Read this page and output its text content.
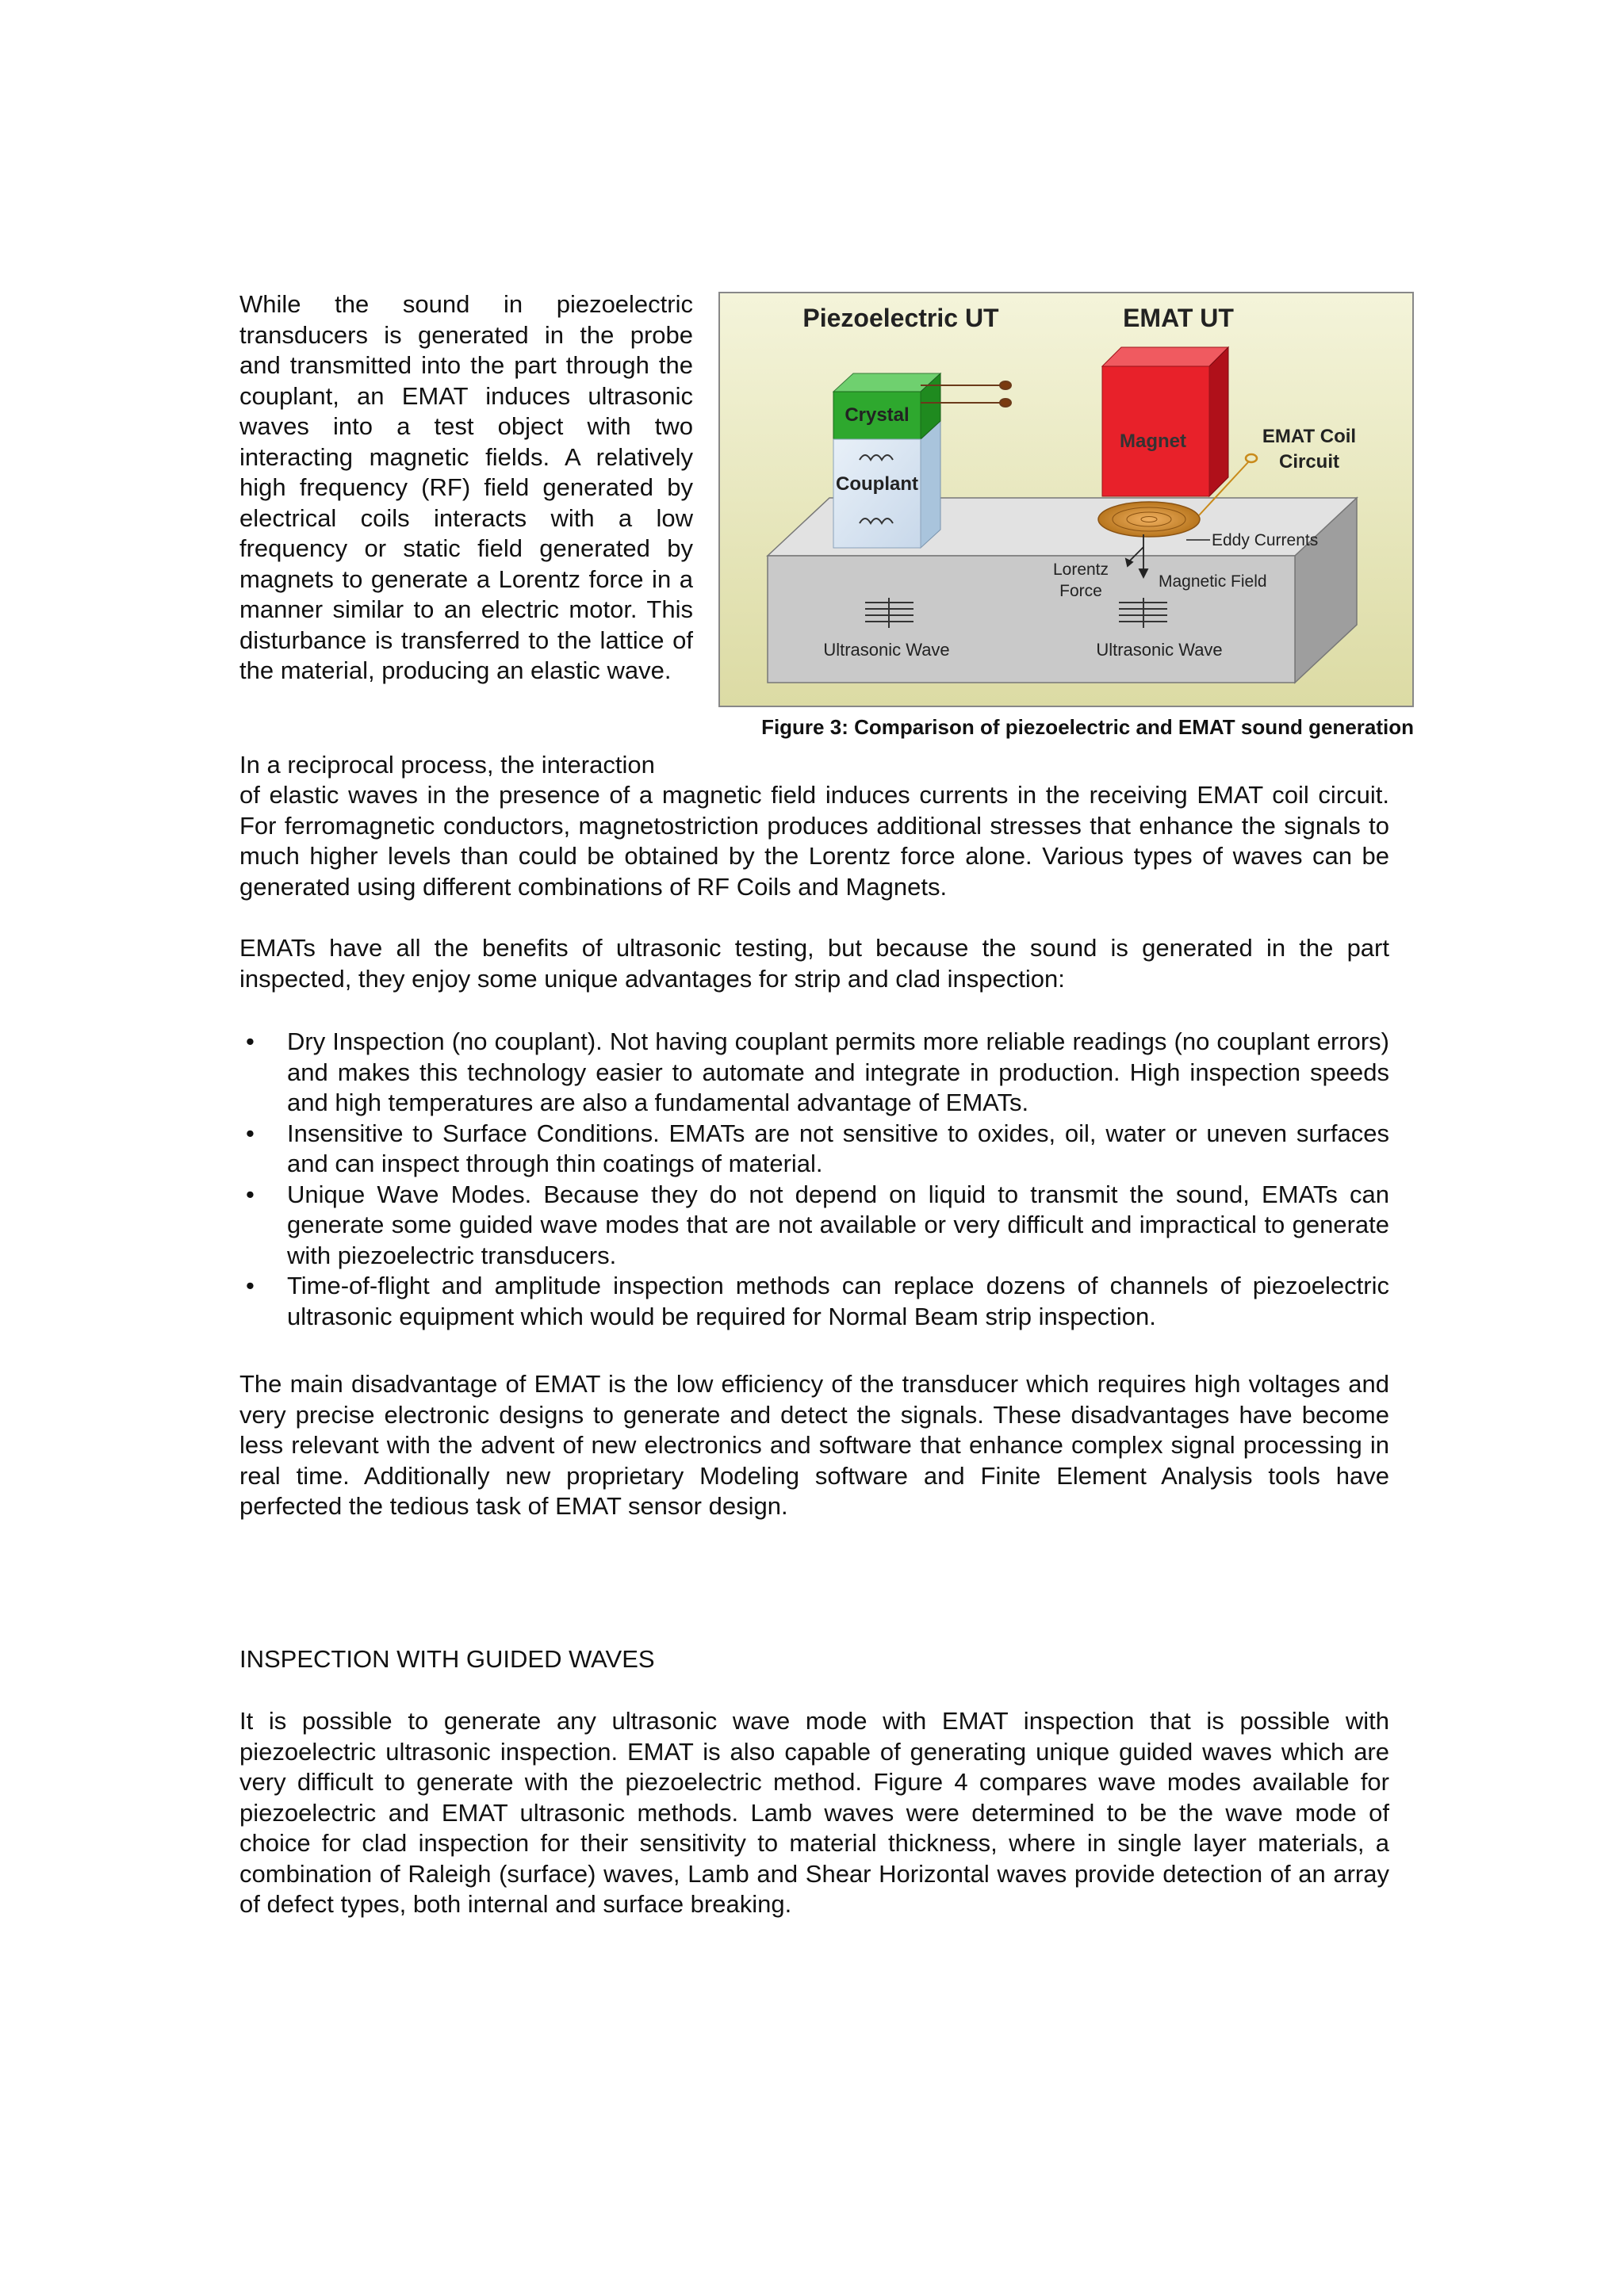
While the sound in piezoelectric transducers is generated in the probe and transmitted into the part through the couplant, an EMAT induces ultrasonic waves into a test object with two interacting magnetic fields. A relatively high frequency (RF) field generated by electrical coils interacts with a low frequency or static field generated by magnets to generate a Lorentz force in a manner similar to an electric motor. This disturbance is transferred to the lattice of the material, producing an elastic wave.

Piezoelectric UT	EMAT UT
Crystal
Couplant
Magnet	EMAT Coil
Circuit
Eddy Currents
Lorentz
Force
Magnetic Field
Ultrasonic Wave	Ultrasonic Wave
Figure 3: Comparison of piezoelectric and EMAT sound generation

In a reciprocal process, the interaction

of elastic waves in the presence of a magnetic field induces currents in the receiving EMAT coil circuit. For ferromagnetic conductors, magnetostriction produces additional stresses that enhance the signals to much higher levels than could be obtained by the Lorentz force alone. Various types of waves can be generated using different combinations of RF Coils and Magnets.

EMATs have all the benefits of ultrasonic testing, but because the sound is generated in the part inspected, they enjoy some unique advantages for strip and clad inspection:

• Dry Inspection (no couplant). Not having couplant permits more reliable readings (no couplant errors) and makes this technology easier to automate and integrate in production. High inspection speeds and high temperatures are also a fundamental advantage of EMATs.
• Insensitive to Surface Conditions. EMATs are not sensitive to oxides, oil, water or uneven surfaces and can inspect through thin coatings of material.
• Unique Wave Modes. Because they do not depend on liquid to transmit the sound, EMATs can generate some guided wave modes that are not available or very difficult and impractical to generate with piezoelectric transducers.
• Time-of-flight and amplitude inspection methods can replace dozens of channels of piezoelectric ultrasonic equipment which would be required for Normal Beam strip inspection.

The main disadvantage of EMAT is the low efficiency of the transducer which requires high voltages and very precise electronic designs to generate and detect the signals. These disadvantages have become less relevant with the advent of new electronics and software that enhance complex signal processing in real time. Additionally new proprietary Modeling software and Finite Element Analysis tools have perfected the tedious task of EMAT sensor design.

INSPECTION WITH GUIDED WAVES

It is possible to generate any ultrasonic wave mode with EMAT inspection that is possible with piezoelectric ultrasonic inspection. EMAT is also capable of generating unique guided waves which are very difficult to generate with the piezoelectric method. Figure 4 compares wave modes available for piezoelectric and EMAT ultrasonic methods. Lamb waves were determined to be the wave mode of choice for clad inspection for their sensitivity to material thickness, where in single layer materials, a combination of Raleigh (surface) waves, Lamb and Shear Horizontal waves provide detection of an array of defect types, both internal and surface breaking.
